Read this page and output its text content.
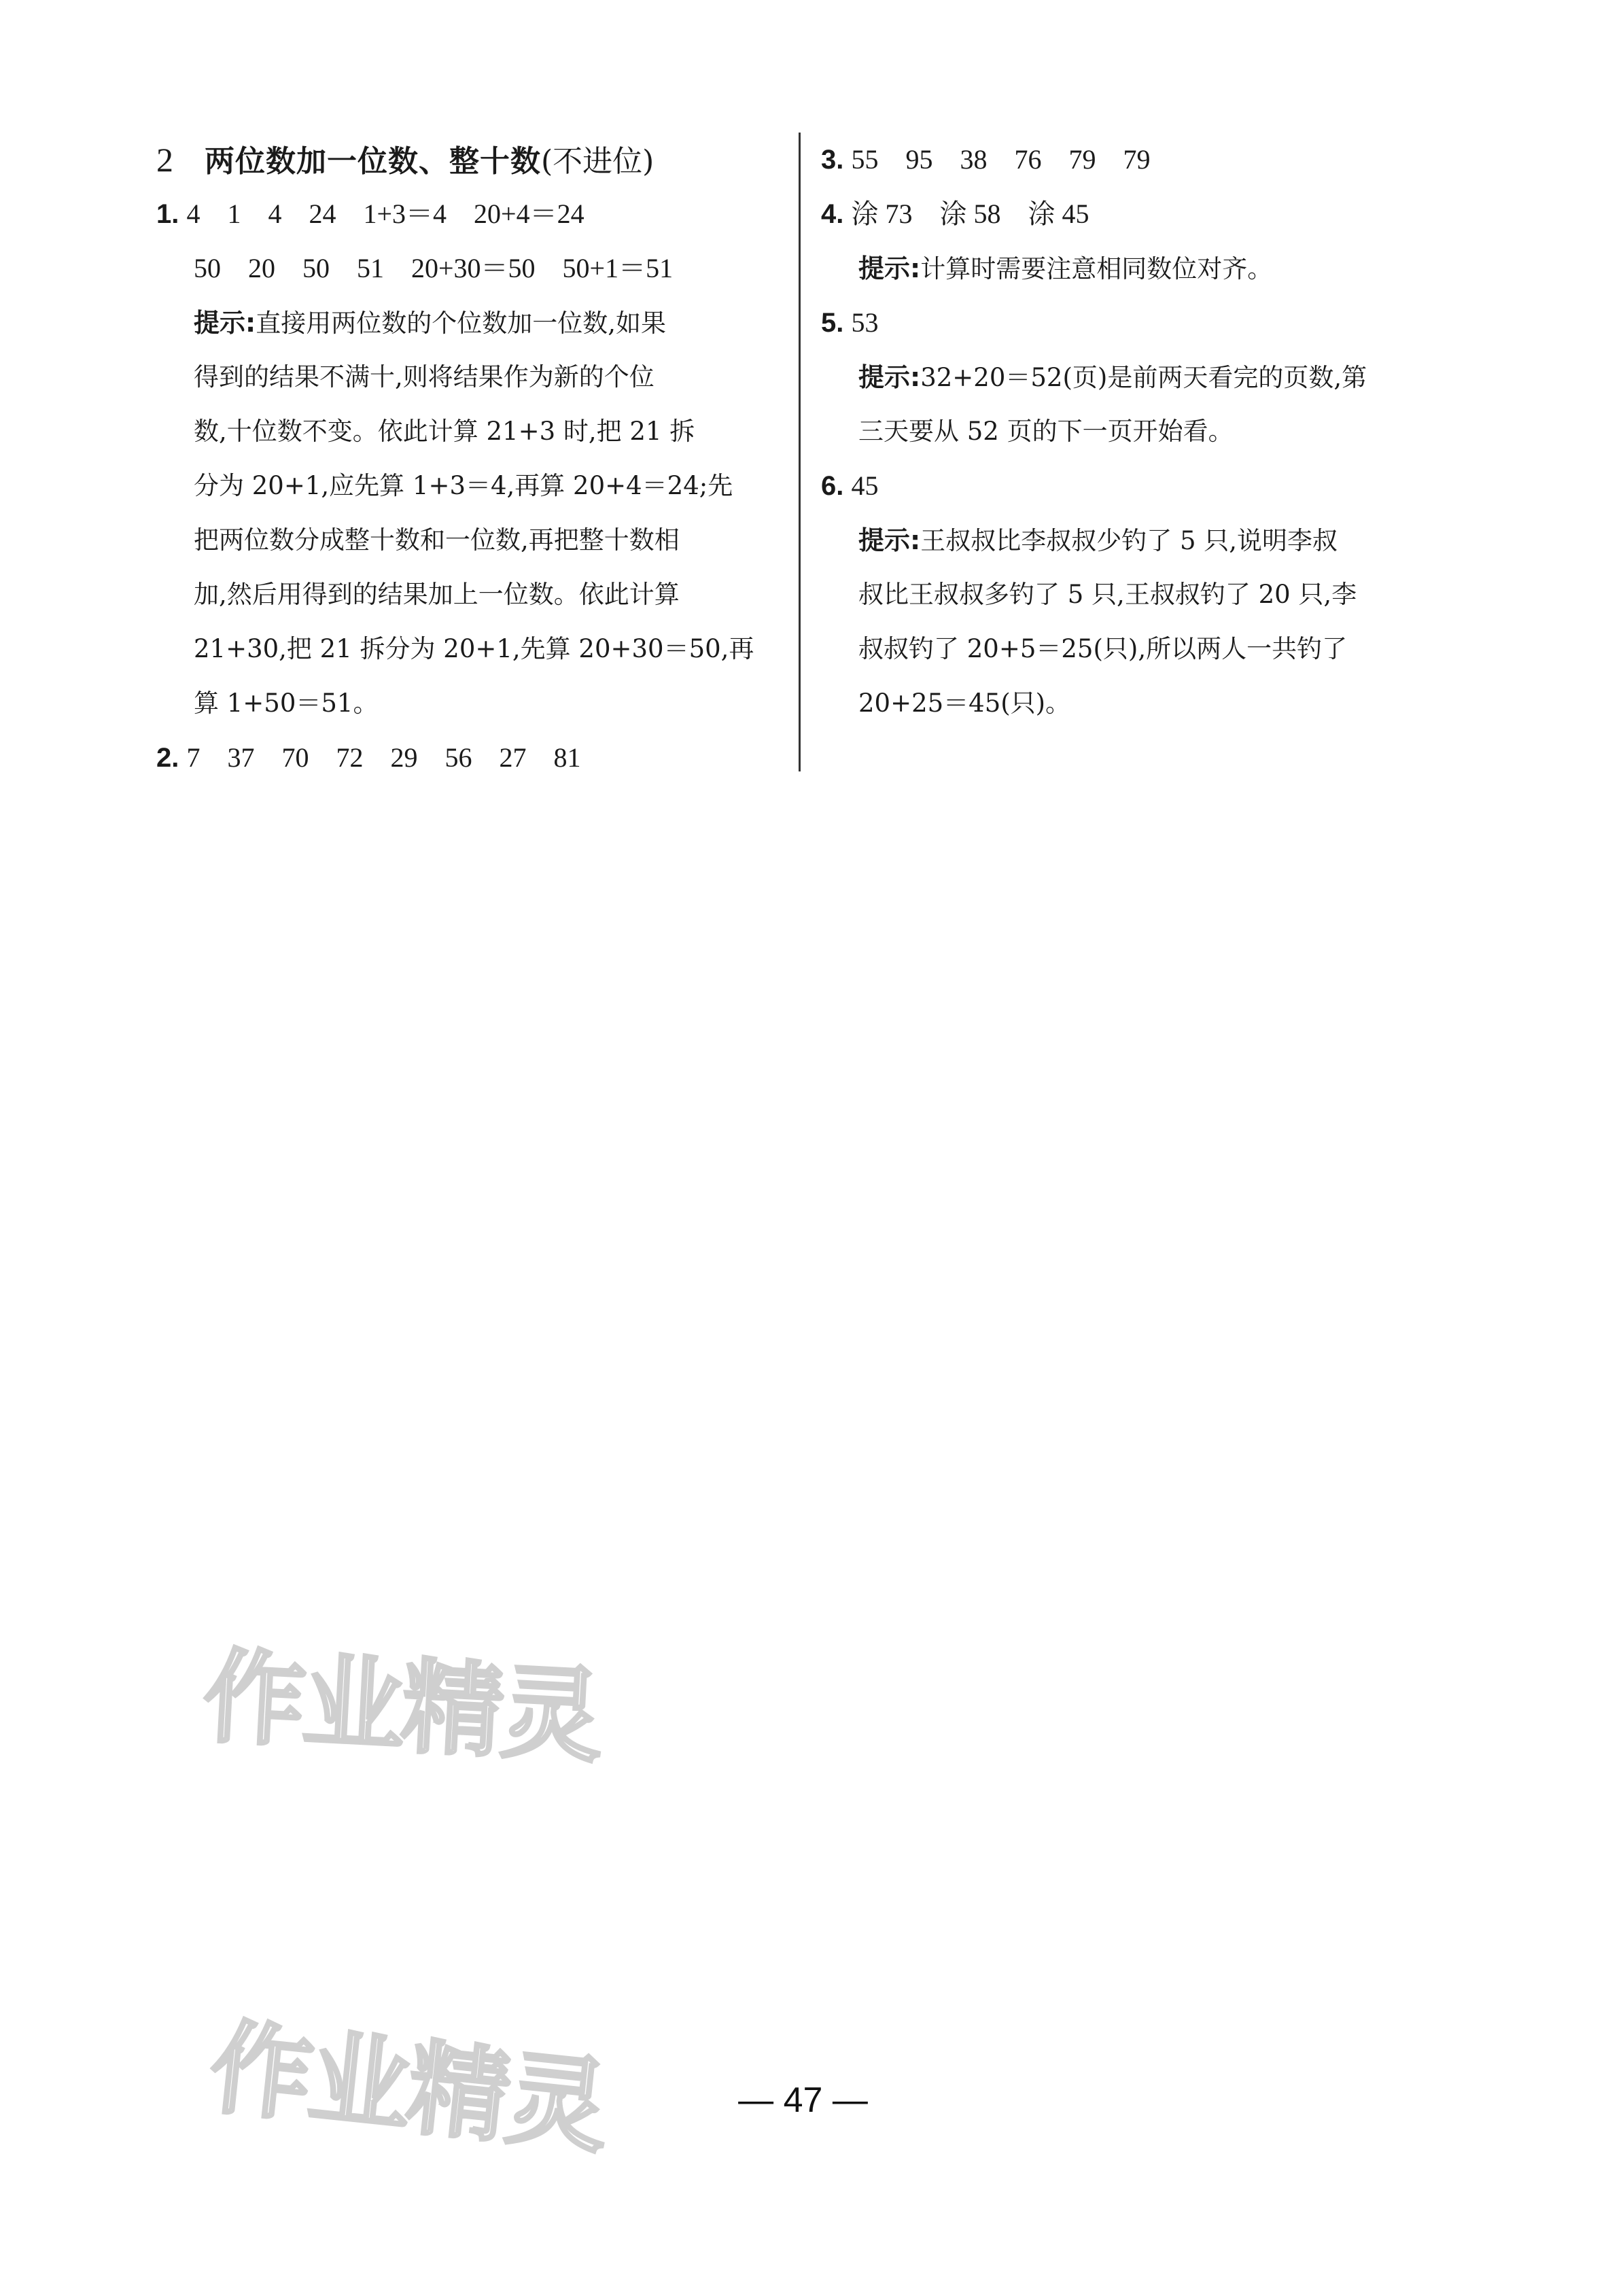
2 两位数加一位数、整十数 (不进位)
1. 4　1　4　24　1+3＝4　20+4＝24
50　20　50　51　20+30＝50　50+1＝51
提示:直接用两位数的个位数加一位数,如果
得到的结果不满十,则将结果作为新的个位
数,十位数不变。依此计算 21+3 时,把 21 拆
分为 20+1,应先算 1+3＝4,再算 20+4＝24;先
把两位数分成整十数和一位数,再把整十数相
加,然后用得到的结果加上一位数。依此计算
21+30,把 21 拆分为 20+1,先算 20+30＝50,再
算 1+50＝51。
2. 7　37　70　72　29　56　27　81
3. 55　95　38　76　79　79
4. 涂 73　涂 58　涂 45
提示:计算时需要注意相同数位对齐。
5. 53
提示:32+20＝52(页)是前两天看完的页数,第
三天要从 52 页的下一页开始看。
6. 45
提示:王叔叔比李叔叔少钓了 5 只,说明李叔
叔比王叔叔多钓了 5 只,王叔叔钓了 20 只,李
叔叔钓了 20+5＝25(只),所以两人一共钓了
20+25＝45(只)。
作业精灵
作业精灵	— 47 —
